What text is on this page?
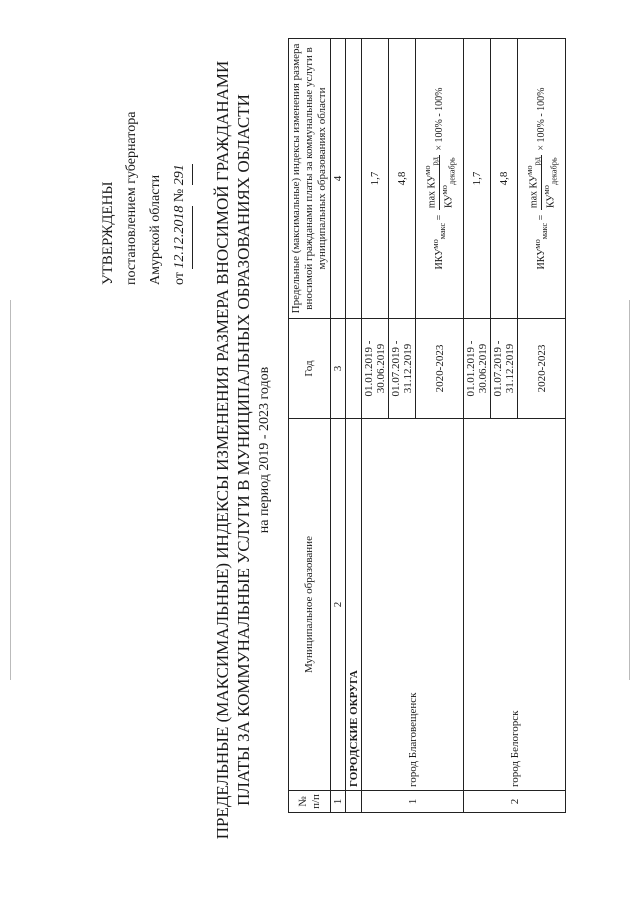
УТВЕРЖДЕНЫ постановлением губернатора Амурской области от 12.12.2018 № 291	ПРЕДЕЛЬНЫЕ (МАКСИМАЛЬНЫЕ) ИНДЕКСЫ ИЗМЕНЕНИЯ РАЗМЕРА ВНОСИМОЙ ГРАЖДАНАМИ ПЛАТЫ ЗА КОММУНАЛЬНЫЕ УСЛУГИ В МУНИЦИПАЛЬНЫХ ОБРАЗОВАНИЯХ ОБЛАСТИ на период 2019 - 2023 годов
№ п/п	Муниципальное образование	Год	Предельные (максимальные) индексы изменения размера вносимой гражданами платы за коммунальные услуги в муниципальных образованиях области
1	2	3	4
	ГОРОДСКИЕ ОКРУГА		
1	город Благовещенск	01.01.2019 - 30.06.2019	1,7
		01.07.2019 - 31.12.2019	4,8
		2020-2023	$ИКУ^{мо}_{макс}$ =
$\max КУ^{мо}_{рд}$
$КУ^{мо}_{декабрь}$
× 100% - 100%
2	город Белогорск	01.01.2019 - 30.06.2019	1,7
		01.07.2019 - 31.12.2019	4,8
		2020-2023	$ИКУ^{мо}_{макс}$ =
$\max КУ^{мо}_{рд}$
$КУ^{мо}_{декабрь}$
× 100% - 100%
